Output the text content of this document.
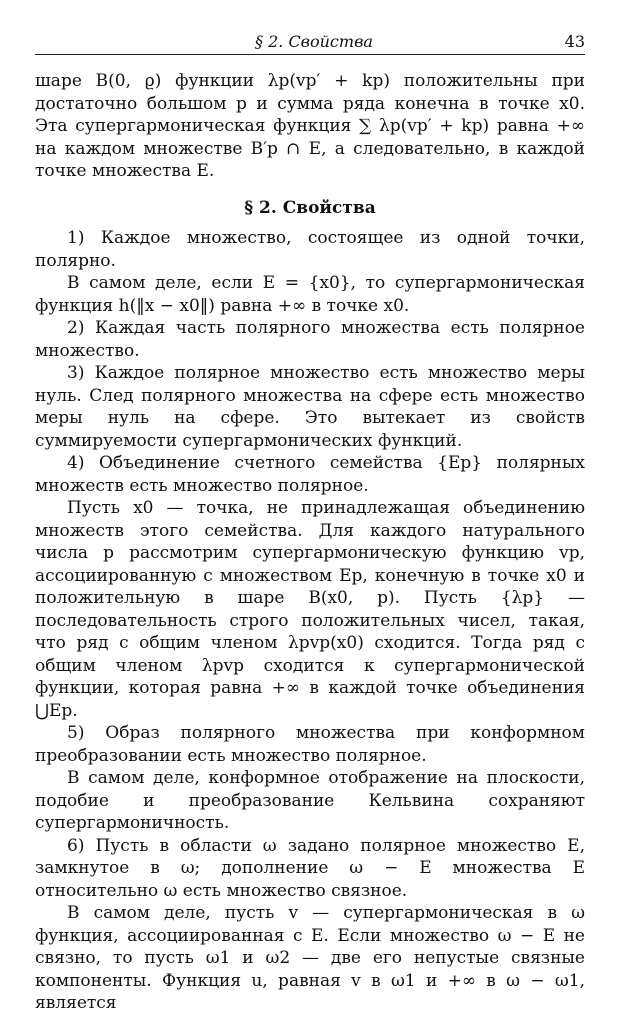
§ 2. Свойства	43

шаре B(0, ϱ) функции λp(vp′ + kp) положительны при достаточно большом p и сумма ряда конечна в точке x0. Эта супергармоническая функция ∑ λp(vp′ + kp) равна +∞ на каждом множестве B′p ∩ E, а следовательно, в каждой точке множества E.

§ 2. Свойства

1) Каждое множество, состоящее из одной точки, полярно.

В самом деле, если E = {x0}, то супергармоническая функция h(‖x − x0‖) равна +∞ в точке x0.

2) Каждая часть полярного множества есть полярное множество.

3) Каждое полярное множество есть множество меры нуль. След полярного множества на сфере есть множество меры нуль на сфере. Это вытекает из свойств суммируемости супергармонических функций.

4) Объединение счетного семейства {Ep} полярных множеств есть множество полярное.

Пусть x0 — точка, не принадлежащая объединению множеств этого семейства. Для каждого натурального числа p рассмотрим супергармоническую функцию vp, ассоциированную с множеством Ep, конечную в точке x0 и положительную в шаре B(x0, p). Пусть {λp} — последовательность строго положительных чисел, такая, что ряд с общим членом λpvp(x0) сходится. Тогда ряд с общим членом λpvp сходится к супергармонической функции, которая равна +∞ в каждой точке объединения ⋃Ep.

5) Образ полярного множества при конформном преобразовании есть множество полярное.

В самом деле, конформное отображение на плоскости, подобие и преобразование Кельвина сохраняют супергармоничность.

6) Пусть в области ω задано полярное множество E, замкнутое в ω; дополнение ω − E множества E относительно ω есть множество связное.

В самом деле, пусть v — супергармоническая в ω функция, ассоциированная с E. Если множество ω − E не связно, то пусть ω1 и ω2 — две его непустые связные компоненты. Функция u, равная v в ω1 и +∞ в ω − ω1, является
